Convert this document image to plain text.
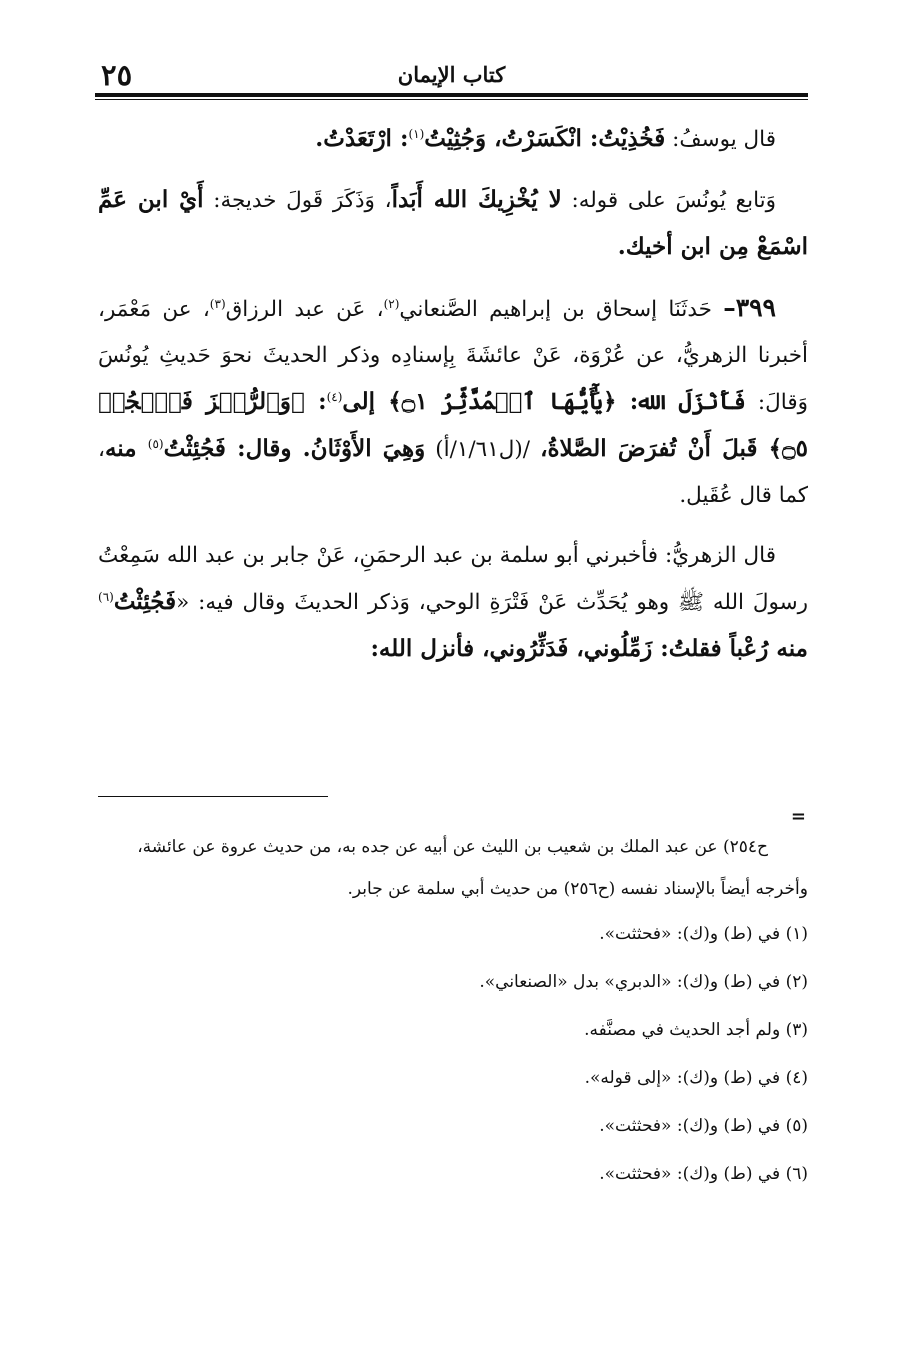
٢٥	كتاب الإيمان

قال يوسفُ: فَخُذِيْتُ: انْكَسَرْتُ، وَجُثِيْتُ$^{(١)}$: ارْتَعَدْتُ.

وَتابع يُونُسَ على قوله: لا يُخْزِيكَ الله أَبَداً، وَذَكَرَ قَولَ خديجة: أَيْ ابن عَمِّ اسْمَعْ مِن ابن أخيك.

٣٩٩– حَدثَنَا إسحاق بن إبراهيم الصَّنعاني$^{(٢)}$، عَن عبد الرزاق$^{(٣)}$، عن مَعْمَر، أخبرنا الزهريُّ، عن عُرْوَة، عَنْ عائشَةَ بِإسنادِه وذكر الحديثَ نحوَ حَديثِ يُونُسَ وَقالَ: فَأَنْزَلَ الله: ﴿يَٰٓأَيُّهَا ٱلۡمُدَّثِّرُ ۝١﴾ إلى$^{(٤)}$: ﴿وَٱلرُّجۡزَ فَٱهۡجُرۡ ۝٥﴾ قَبلَ أَنْ تُفرَضَ الصَّلاةُ، /(ل١/٦١/أ) وَهِيَ الأَوْثَانُ. وقال: فَجُئِثْتُ$^{(٥)}$ منه، كما قال عُقَيل.

قال الزهريُّ: فأخبرني أبو سلمة بن عبد الرحمَنِ، عَنْ جابر بن عبد الله سَمِعْتُ رسولَ الله ﷺ وهو يُحَدِّث عَنْ فَتْرَةِ الوحي، وَذكر الحديثَ وقال فيه: «فَجُئِثْتُ$^{(٦)}$ منه رُعْباً فقلتُ: زَمِّلُوني، فَدَثِّرُوني، فأنزل الله:

=

ح٢٥٤) عن عبد الملك بن شعيب بن الليث عن أبيه عن جده به، من حديث عروة عن عائشة، وأخرجه أيضاً بالإسناد نفسه (ح٢٥٦) من حديث أبي سلمة عن جابر.

(١) في (ط) و(ك): «فحثثت».

(٢) في (ط) و(ك): «الدبري» بدل «الصنعاني».

(٣) ولم أجد الحديث في مصنَّفه.

(٤) في (ط) و(ك): «إلى قوله».

(٥) في (ط) و(ك): «فحثثت».

(٦) في (ط) و(ك): «فحثثت».
